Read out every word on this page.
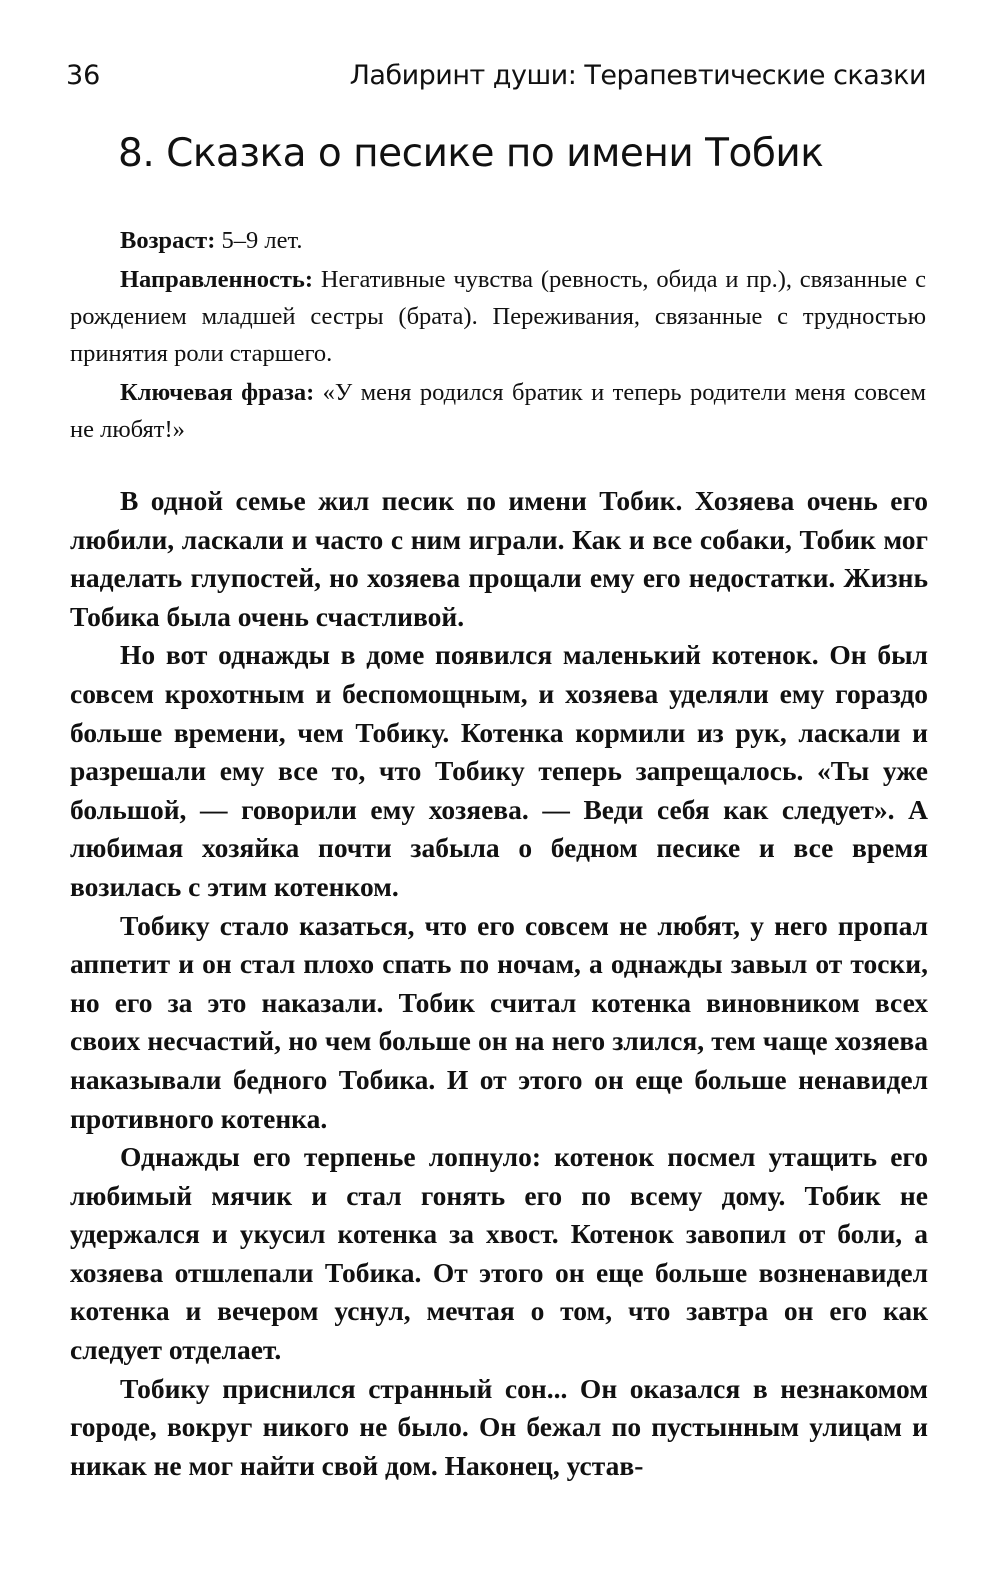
36	Лабиринт души: Терапевтические сказки
8. Сказка о песике по имени Тобик

Возраст: 5–9 лет.

Направленность: Негативные чувства (ревность, обида и пр.), связанные с рождением младшей сестры (брата). Переживания, связанные с трудностью принятия роли старшего.

Ключевая фраза: «У меня родился братик и теперь родители меня совсем не любят!»

В одной семье жил песик по имени Тобик. Хозяева очень его любили, ласкали и часто с ним играли. Как и все собаки, Тобик мог наделать глупостей, но хозяева прощали ему его недостатки. Жизнь Тобика была очень счастливой.

Но вот однажды в доме появился маленький котенок. Он был совсем крохотным и беспомощным, и хозяева уделяли ему гораздо больше времени, чем Тобику. Котенка кормили из рук, ласкали и разрешали ему все то, что Тобику теперь запрещалось. «Ты уже большой, — говорили ему хозяева. — Веди себя как следует». А любимая хозяйка почти забыла о бедном песике и все время возилась с этим котенком.

Тобику стало казаться, что его совсем не любят, у него пропал аппетит и он стал плохо спать по ночам, а однажды завыл от тоски, но его за это наказали. Тобик считал котенка виновником всех своих несчастий, но чем больше он на него злился, тем чаще хозяева наказывали бедного Тобика. И от этого он еще больше ненавидел противного котенка.

Однажды его терпенье лопнуло: котенок посмел утащить его любимый мячик и стал гонять его по всему дому. Тобик не удержался и укусил котенка за хвост. Котенок завопил от боли, а хозяева отшлепали Тобика. От этого он еще больше возненавидел котенка и вечером уснул, мечтая о том, что завтра он его как следует отделает.

Тобику приснился странный сон... Он оказался в незнакомом городе, вокруг никого не было. Он бежал по пустынным улицам и никак не мог найти свой дом. Наконец, устав-
